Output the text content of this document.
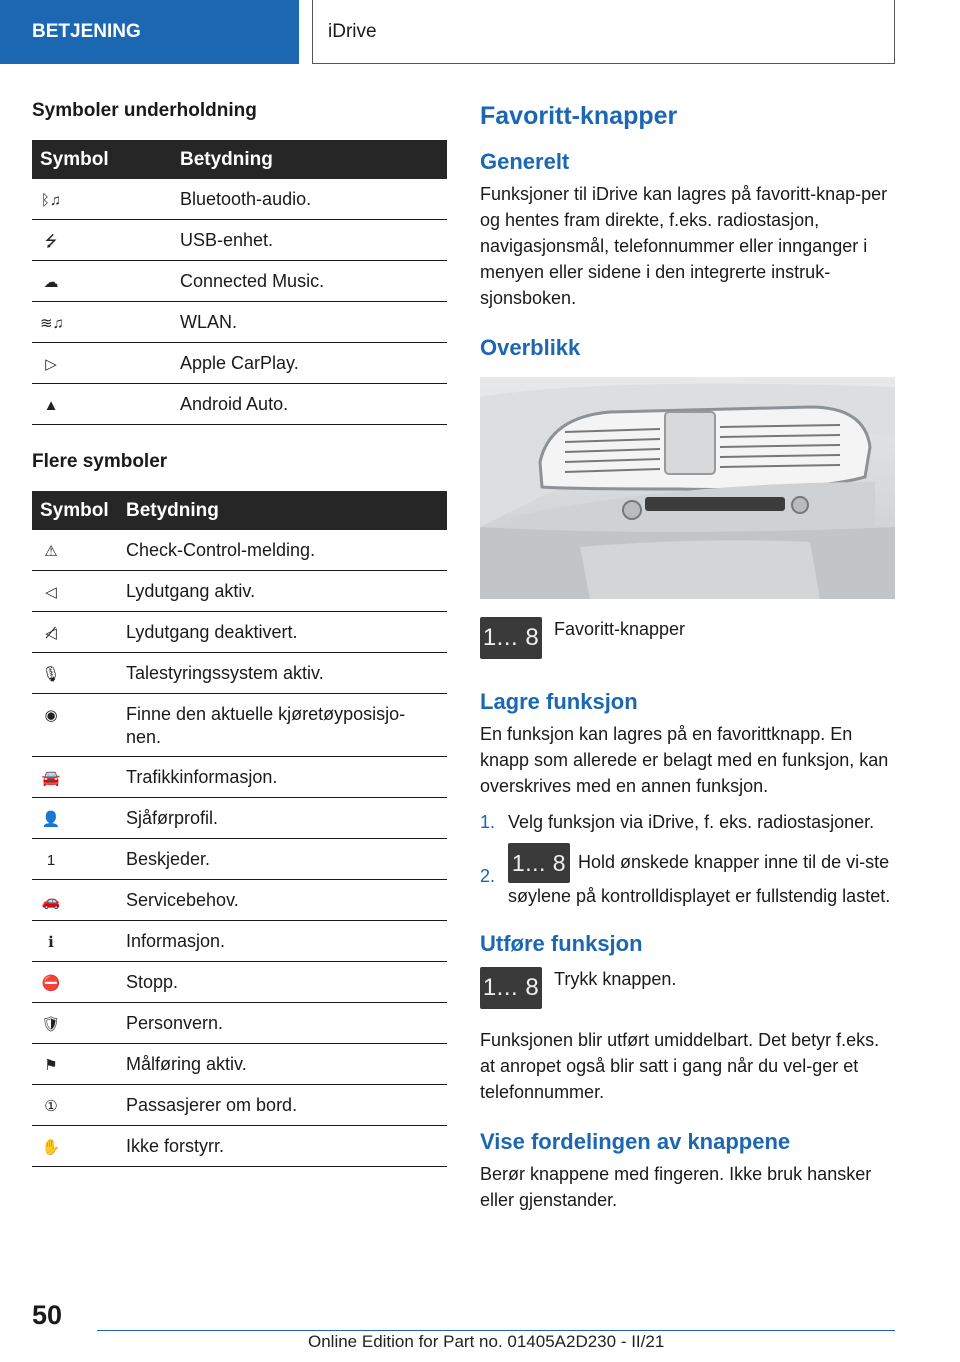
BETJENING	iDrive
Symboler underholdning
Symbol	Betydning
ᛒ♫	Bluetooth-audio.
⭍	USB-enhet.
☁	Connected Music.
≋♫	WLAN.
▷	Apple CarPlay.
▲	Android Auto.
Flere symboler
Symbol	Betydning
⚠	Check-Control-melding.
◁	Lydutgang aktiv.
◁̸	Lydutgang deaktivert.
🎙	Talestyringssystem aktiv.
◉	Finne den aktuelle kjøretøyposisjo-nen.
🚘	Trafikkinformasjon.
👤	Sjåførprofil.
1	Beskjeder.
🚗	Servicebehov.
ℹ	Informasjon.
⛔	Stopp.
🛡	Personvern.
⚑	Målføring aktiv.
①	Passasjerer om bord.
✋	Ikke forstyrr.
Favoritt-knapper
Generelt

Funksjoner til iDrive kan lagres på favoritt-knap-per og hentes fram direkte, f.eks. radiostasjon, navigasjonsmål, telefonnummer eller innganger i menyen eller sidene i den integrerte instruk-sjonsboken.

Overblikk
1... 8 Favoritt-knapper
Lagre funksjon

En funksjon kan lagres på en favorittknapp. En knapp som allerede er belagt med en funksjon, kan overskrives med en annen funksjon.

1. Velg funksjon via iDrive, f. eks. radiostasjoner.
2. 1... 8 Hold ønskede knapper inne til de vi-ste søylene på kontrolldisplayet er fullstendig lastet.
Utføre funksjon
1... 8 Trykk knappen.

Funksjonen blir utført umiddelbart. Det betyr f.eks. at anropet også blir satt i gang når du vel-ger et telefonnummer.

Vise fordelingen av knappene

Berør knappene med fingeren. Ikke bruk hansker eller gjenstander.

50
Online Edition for Part no. 01405A2D230 - II/21
